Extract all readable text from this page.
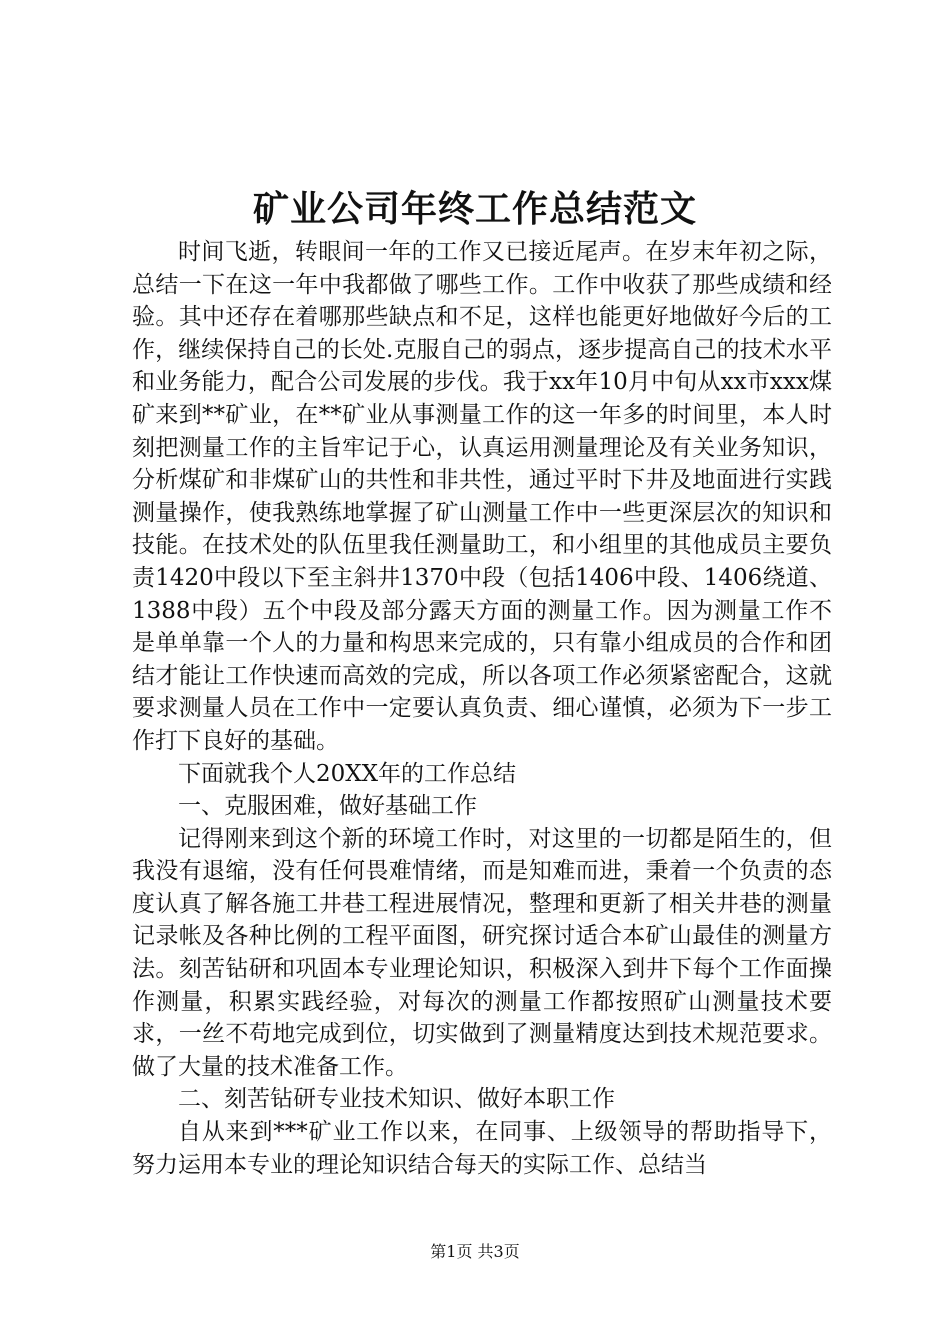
矿业公司年终工作总结范文

时间飞逝，转眼间一年的工作又已接近尾声。在岁末年初之际，总结一下在这一年中我都做了哪些工作。工作中收获了那些成绩和经验。其中还存在着哪那些缺点和不足，这样也能更好地做好今后的工作，继续保持自己的长处.克服自己的弱点，逐步提高自己的技术水平和业务能力，配合公司发展的步伐。我于xx年10月中旬从xx市xxx煤矿来到**矿业，在**矿业从事测量工作的这一年多的时间里，本人时刻把测量工作的主旨牢记于心，认真运用测量理论及有关业务知识，分析煤矿和非煤矿山的共性和非共性，通过平时下井及地面进行实践测量操作，使我熟练地掌握了矿山测量工作中一些更深层次的知识和技能。在技术处的队伍里我任测量助工，和小组里的其他成员主要负责1420中段以下至主斜井1370中段（包括1406中段、1406绕道、1388中段）五个中段及部分露天方面的测量工作。因为测量工作不是单单靠一个人的力量和构思来完成的，只有靠小组成员的合作和团结才能让工作快速而高效的完成，所以各项工作必须紧密配合，这就要求测量人员在工作中一定要认真负责、细心谨慎，必须为下一步工作打下良好的基础。

下面就我个人20XX年的工作总结

一、克服困难，做好基础工作

记得刚来到这个新的环境工作时，对这里的一切都是陌生的，但我没有退缩，没有任何畏难情绪，而是知难而进，秉着一个负责的态度认真了解各施工井巷工程进展情况，整理和更新了相关井巷的测量记录帐及各种比例的工程平面图，研究探讨适合本矿山最佳的测量方法。刻苦钻研和巩固本专业理论知识，积极深入到井下每个工作面操作测量，积累实践经验，对每次的测量工作都按照矿山测量技术要求，一丝不苟地完成到位，切实做到了测量精度达到技术规范要求。做了大量的技术准备工作。

二、刻苦钻研专业技术知识、做好本职工作

自从来到***矿业工作以来，在同事、上级领导的帮助指导下，努力运用本专业的理论知识结合每天的实际工作、总结当

第1页 共3页
